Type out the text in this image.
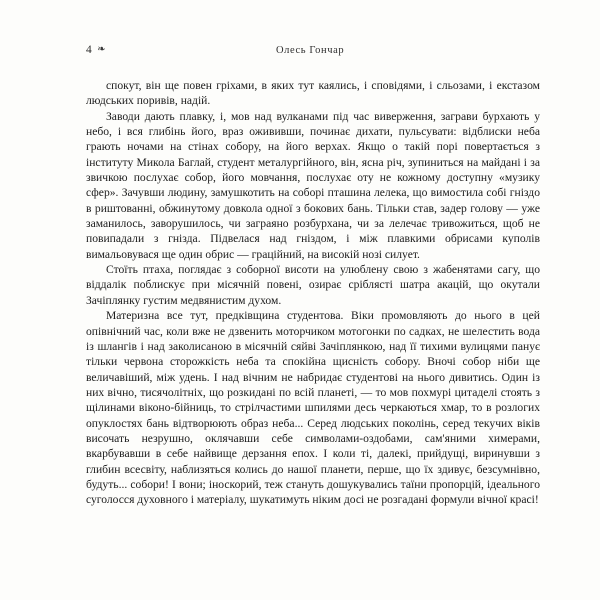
4 ❧	Олесь Гончар

спокут, він ще повен гріхами, в яких тут каялись, і сповідями, і сльозами, і екстазом людських поривів, надій.

Заводи дають плавку, і, мов над вулканами під час виверження, заграви бурхають у небо, і вся глибінь його, враз ожививши, починає дихати, пульсувати: відблиски неба грають ночами на стінах собору, на його верхах. Якщо о такій порі повертається з інституту Микола Баглай, студент металургійного, він, ясна річ, зупиниться на майдані і за звичкою послухає собор, його мовчання, послухає оту не кожному доступну «музику сфер». Зачувши людину, замушкотить на соборі пташина лелека, що вимостила собі гніздо в риштованні, обжинутому довкола одної з бокових бань. Тільки став, задер голову — уже заманилось, заворушилось, чи заграяно розбурхана, чи за лелечає тривожиться, щоб не повипадали з гнізда. Підвелася над гніздом, і між плавкими обрисами куполів вимальовувася ще один обрис — граційний, на високій нозі силует.

Стоїть птаха, поглядає з соборної висоти на улюблену свою з жабенятами сагу, що віддалік поблискує при місячній повені, озирає сріблясті шатра акацій, що окутали Зачіплянку густим медвянистим духом.

Материзна все тут, предківщина студентова. Віки промовляють до нього в цей опівнічний час, коли вже не дзвенить моторчиком мотогонки по садках, не шелестить вода із шлангів і над заколисаною в місячній сяйві Зачіплянкою, над її тихими вулицями панує тільки червона сторожкість неба та спокійна щиcність собору. Вночі собор ніби ще величавіший, між удень. І над вічним не набридає студентові на нього дивитись. Один із них вічно, тисячолітніх, що розкидані по всій планеті, — то мов похмурі цитаделі стоять з щілинами віконо-бійниць, то стрілчастими шпилями десь черкаються хмар, то в розлогих опуклостях бань відтворюють образ неба... Серед людських поколінь, серед текучих віків височать незрушно, оклячавши себе символами-оздобами, сам'яними химерами, вкарбувавши в себе найвище дерзання епох. І коли ті, далекі, прийдущі, виринувши з глибин всесвіту, наблизяться колись до нашої планети, перше, що їх здивує, безсумнівно, будуть... собори! І вони; іноскорий, теж стануть дошукувались таїни пропорцій, ідеального суголосся духовного і матеріалу, шукатимуть ніким досі не розгадані формули вічної красі!
